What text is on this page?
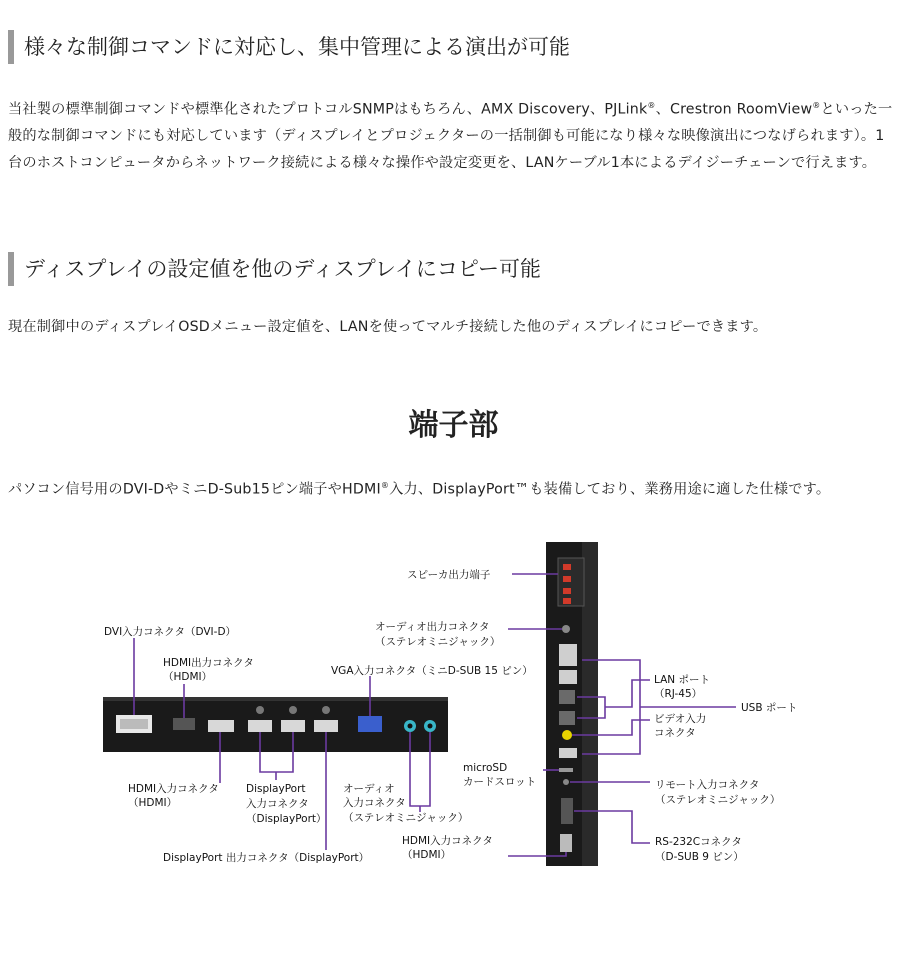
様々な制御コマンドに対応し、集中管理による演出が可能

当社製の標準制御コマンドや標準化されたプロトコルSNMPはもちろん、AMX Discovery、PJLink®、Crestron RoomView®といった一般的な制御コマンドにも対応しています（ディスプレイとプロジェクターの一括制御も可能になり様々な映像演出につなげられます）。1台のホストコンピュータからネットワーク接続による様々な操作や設定変更を、LANケーブル1本によるデイジーチェーンで行えます。

ディスプレイの設定値を他のディスプレイにコピー可能

現在制御中のディスプレイOSDメニュー設定値を、LANを使ってマルチ接続した他のディスプレイにコピーできます。

端子部

パソコン信号用のDVI-DやミニD-Sub15ピン端子やHDMI®入力、DisplayPort™も装備しており、業務用途に適した仕様です。

スピーカ出力端子
オーディオ出力コネクタ
（ステレオミニジャック）
DVI入力コネクタ（DVI-D）
HDMI出力コネクタ
（HDMI）	VGA入力コネクタ（ミニD-SUB 15 ピン）
LAN ポート
（RJ-45）
USB ポート
ビデオ入力
コネクタ
HDMI入力コネクタ
（HDMI）
DisplayPort
入力コネクタ
（DisplayPort）
オーディオ
入力コネクタ
（ステレオミニジャック）
microSD
カードスロット	リモート入力コネクタ
（ステレオミニジャック）
HDMI入力コネクタ
（HDMI）
RS-232Cコネクタ
（D-SUB 9 ピン）
DisplayPort 出力コネクタ（DisplayPort）
